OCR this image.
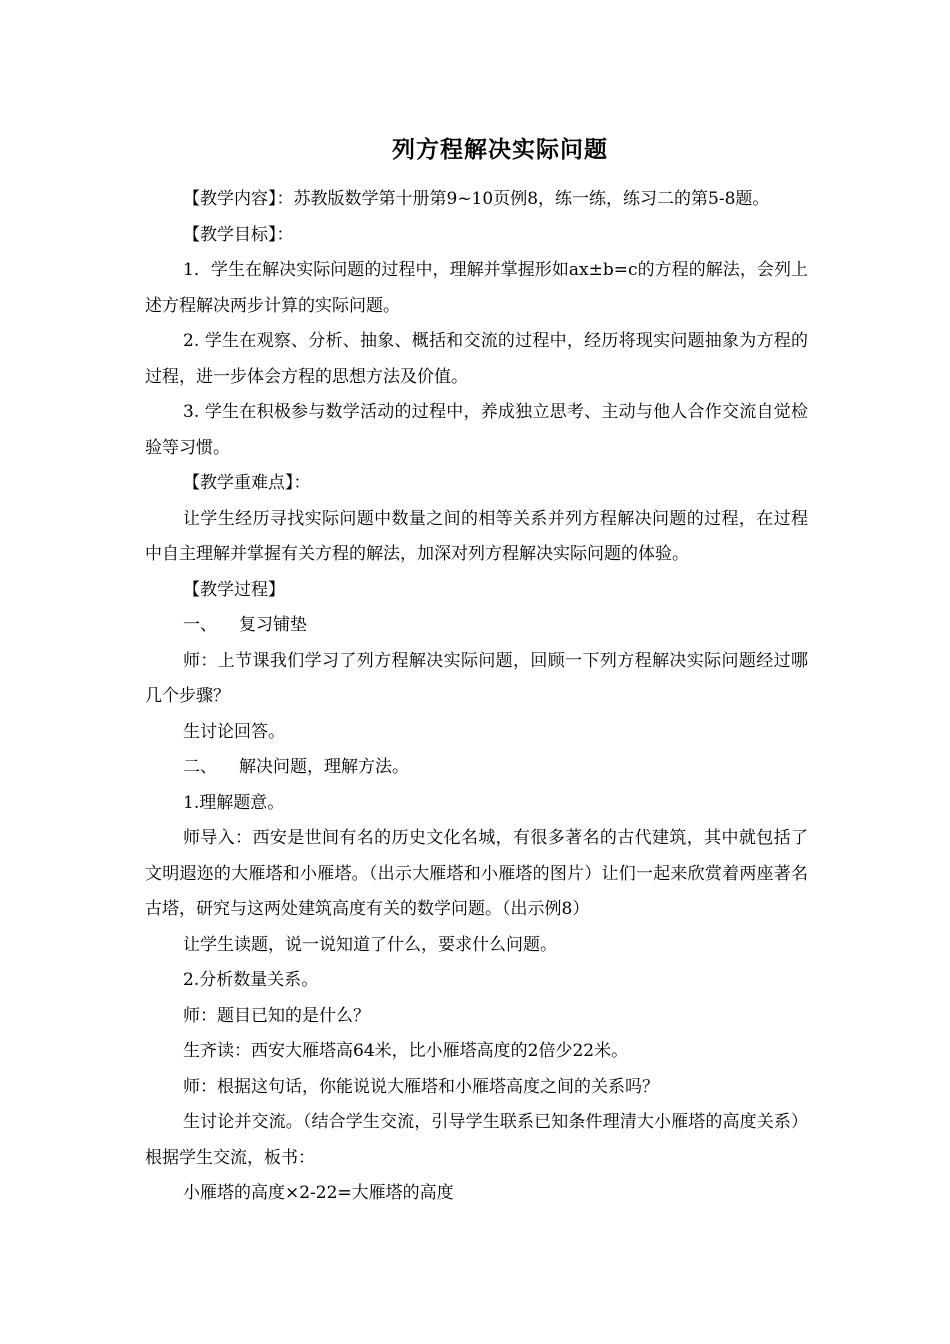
列方程解决实际问题

【教学内容】：苏教版数学第十册第9~10页例8，练一练，练习二的第5-8题。

【教学目标】：

1．学生在解决实际问题的过程中，理解并掌握形如ax±b=c的方程的解法，会列上述方程解决两步计算的实际问题。

2. 学生在观察、分析、抽象、概括和交流的过程中，经历将现实问题抽象为方程的过程，进一步体会方程的思想方法及价值。

3. 学生在积极参与数学活动的过程中，养成独立思考、主动与他人合作交流自觉检验等习惯。

【教学重难点】：

让学生经历寻找实际问题中数量之间的相等关系并列方程解决问题的过程，在过程中自主理解并掌握有关方程的解法，加深对列方程解决实际问题的体验。

【教学过程】

一、 复习铺垫

师：上节课我们学习了列方程解决实际问题，回顾一下列方程解决实际问题经过哪几个步骤？

生讨论回答。

二、 解决问题，理解方法。

1.理解题意。

师导入：西安是世间有名的历史文化名城，有很多著名的古代建筑，其中就包括了文明遐迩的大雁塔和小雁塔。（出示大雁塔和小雁塔的图片）让们一起来欣赏着两座著名古塔，研究与这两处建筑高度有关的数学问题。（出示例8）

让学生读题，说一说知道了什么，要求什么问题。

2.分析数量关系。

师：题目已知的是什么？

生齐读：西安大雁塔高64米，比小雁塔高度的2倍少22米。

师：根据这句话，你能说说大雁塔和小雁塔高度之间的关系吗？

生讨论并交流。（结合学生交流，引导学生联系已知条件理清大小雁塔的高度关系）根据学生交流，板书：

小雁塔的高度×2-22=大雁塔的高度
